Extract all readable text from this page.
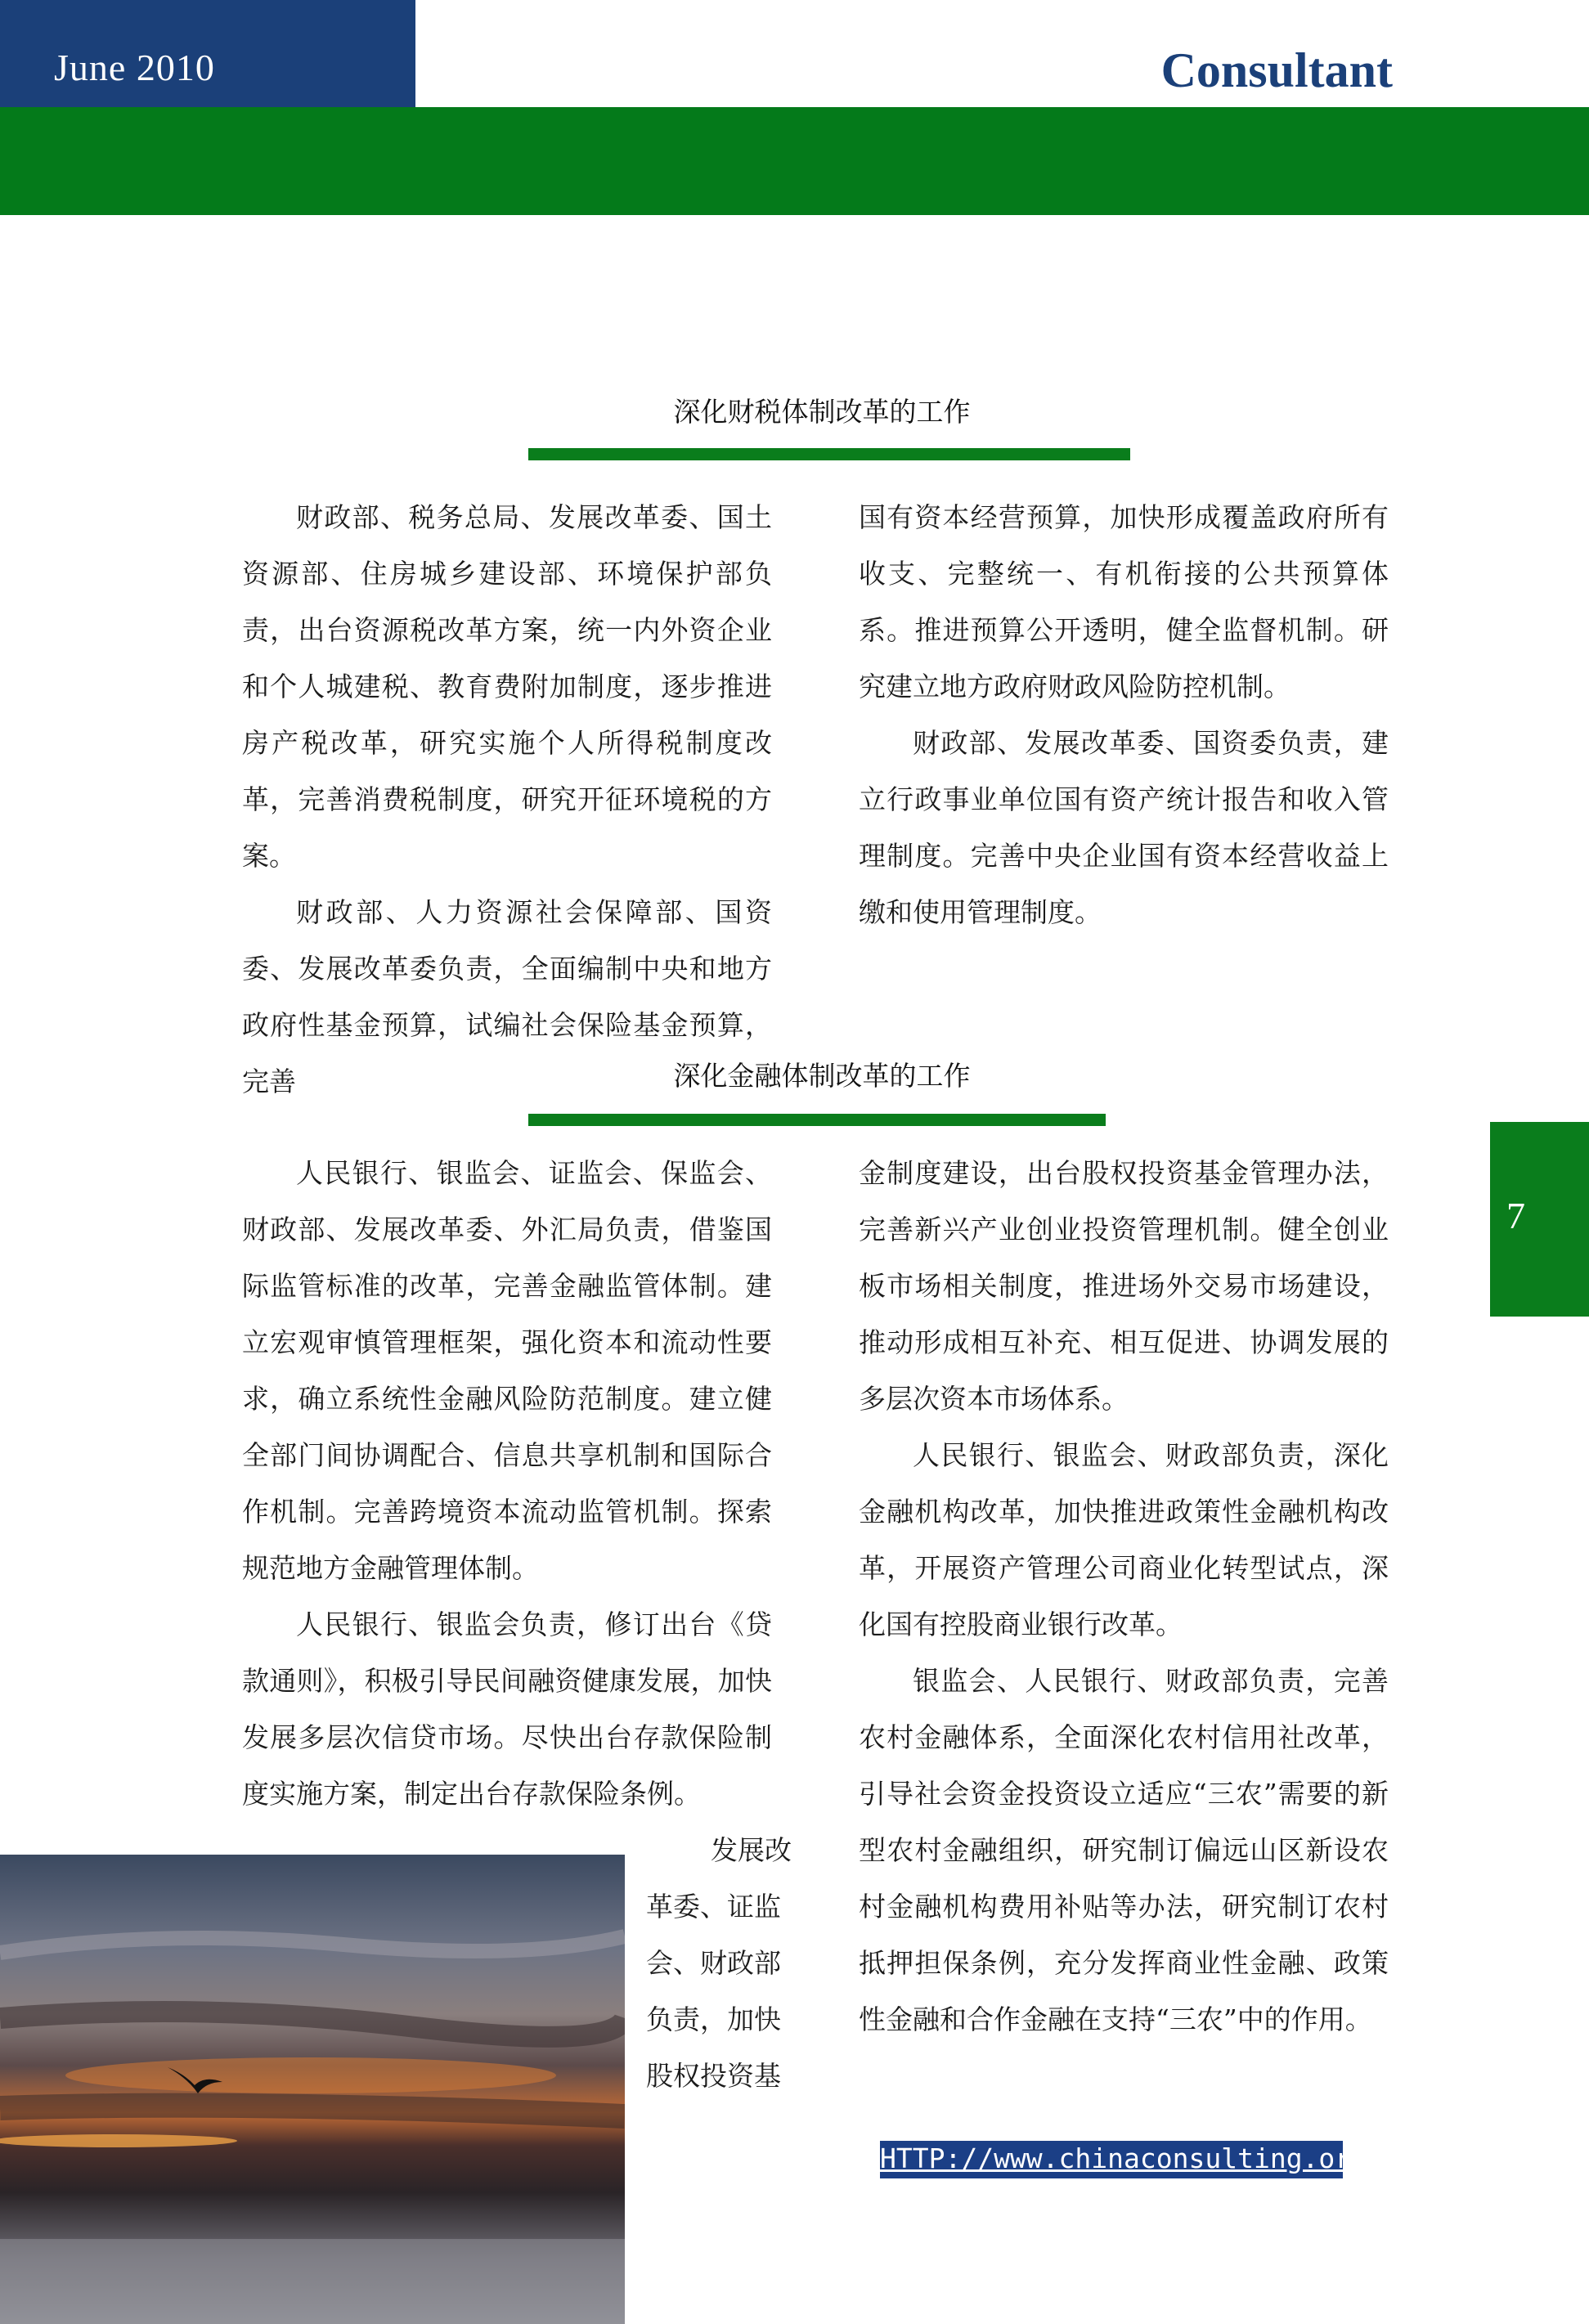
June 2010	Consultant
深化财税体制改革的工作

财政部、税务总局、发展改革委、国土资源部、住房城乡建设部、环境保护部负责，出台资源税改革方案，统一内外资企业和个人城建税、教育费附加制度，逐步推进房产税改革，研究实施个人所得税制度改革，完善消费税制度，研究开征环境税的方案。

财政部、人力资源社会保障部、国资委、发展改革委负责，全面编制中央和地方政府性基金预算，试编社会保险基金预算，完善

国有资本经营预算，加快形成覆盖政府所有收支、完整统一、有机衔接的公共预算体系。推进预算公开透明，健全监督机制。研究建立地方政府财政风险防控机制。

财政部、发展改革委、国资委负责，建立行政事业单位国有资产统计报告和收入管理制度。完善中央企业国有资本经营收益上缴和使用管理制度。

深化金融体制改革的工作

人民银行、银监会、证监会、保监会、财政部、发展改革委、外汇局负责，借鉴国际监管标准的改革，完善金融监管体制。建立宏观审慎管理框架，强化资本和流动性要求，确立系统性金融风险防范制度。建立健全部门间协调配合、信息共享机制和国际合作机制。完善跨境资本流动监管机制。探索规范地方金融管理体制。

人民银行、银监会负责，修订出台《贷款通则》，积极引导民间融资健康发展，加快发展多层次信贷市场。尽快出台存款保险制度实施方案，制定出台存款保险条例。

发展改

革委、证监

会、财政部

负责，加快

股权投资基

金制度建设，出台股权投资基金管理办法，完善新兴产业创业投资管理机制。健全创业板市场相关制度，推进场外交易市场建设，推动形成相互补充、相互促进、协调发展的多层次资本市场体系。

人民银行、银监会、财政部负责，深化金融机构改革，加快推进政策性金融机构改革，开展资产管理公司商业化转型试点，深化国有控股商业银行改革。

银监会、人民银行、财政部负责，完善农村金融体系，全面深化农村信用社改革，引导社会资金投资设立适应“三农”需要的新型农村金融组织，研究制订偏远山区新设农村金融机构费用补贴等办法，研究制订农村抵押担保条例，充分发挥商业性金融、政策性金融和合作金融在支持“三农”中的作用。

7
HTTP://www.chinaconsulting.org.cn
